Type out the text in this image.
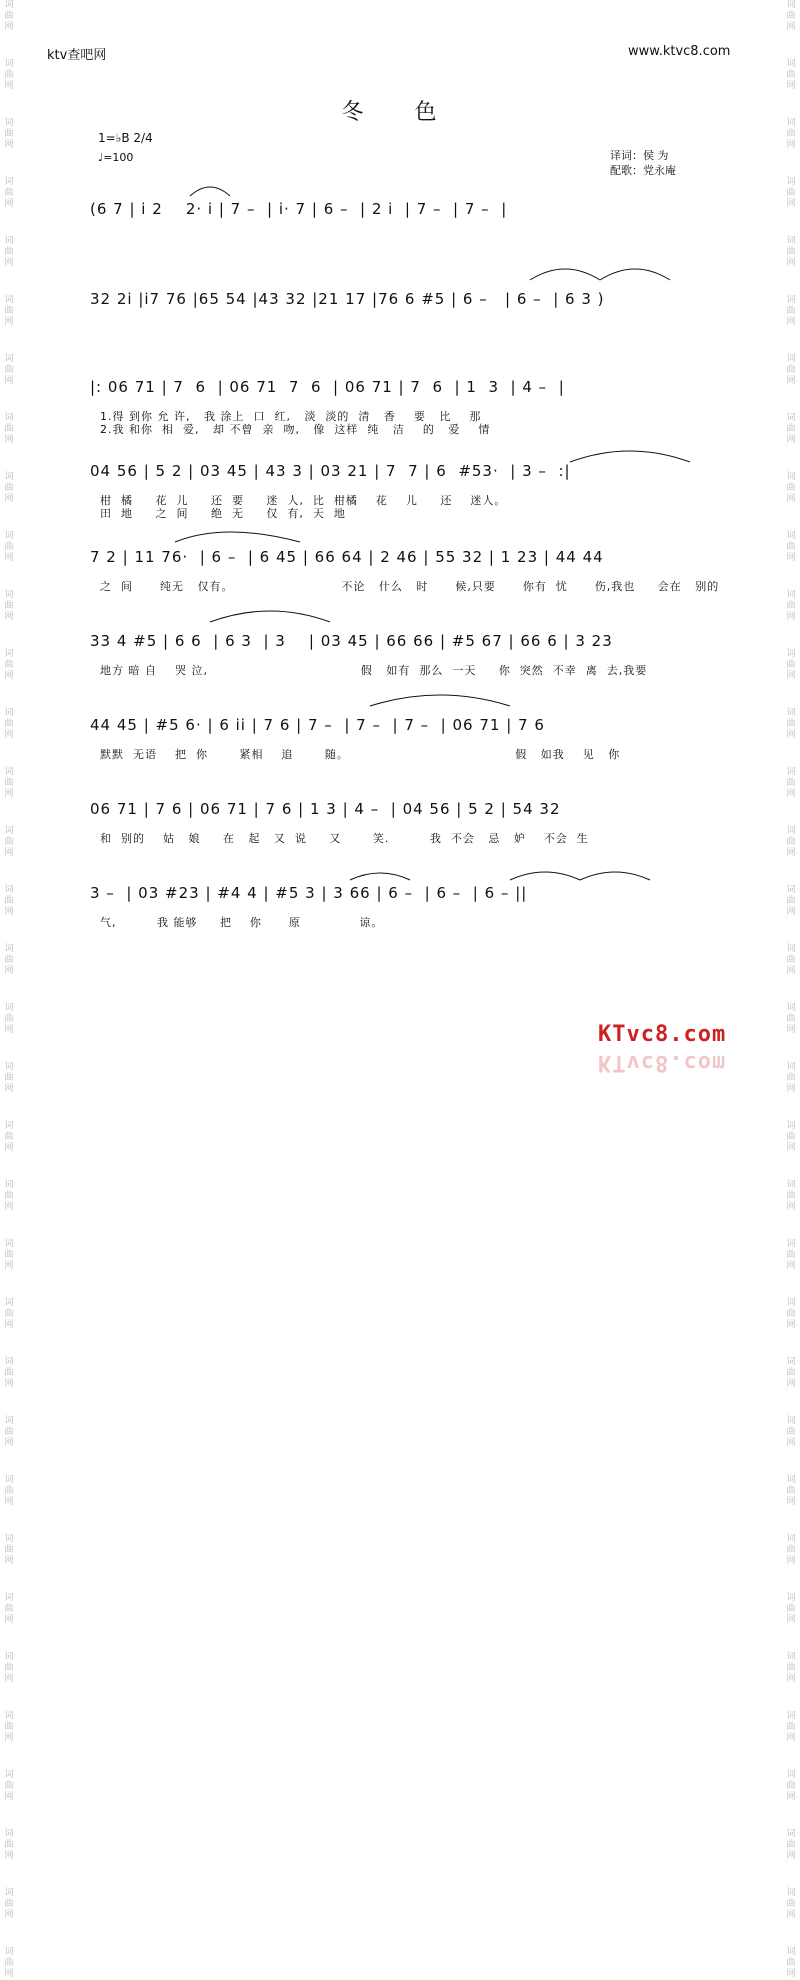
词
曲
网
词
曲
网
词
曲
网
词
曲
网
词
曲
网
词
曲
网
词
曲
网
词
曲
网
词
曲
网
词
曲
网
词
曲
网
词
曲
网
词
曲
网
词
曲
网
词
曲
网
词
曲
网
词
曲
网
词
曲
网
词
曲
网
词
曲
网
词
曲
网
词
曲
网
词
曲
网
词
曲
网
词
曲
网
词
曲
网
词
曲
网
词
曲
网
词
曲
网
词
曲
网
词
曲
网
词
曲
网
词
曲
网
词
曲
网
词
曲
网
词
曲
网
词
曲
网
词
曲
网
词
曲
网
词
曲
网
词
曲
网
词
曲
网
词
曲
网
词
曲
网
词
曲
网
词
曲
网
词
曲
网
词
曲
网
词
曲
网
词
曲
网
词
曲
网
词
曲
网
词
曲
网
词
曲
网
词
曲
网
词
曲
网
词
曲
网
词
曲
网
词
曲
网
词
曲
网
词
曲
网
词
曲
网
词
曲
网
词
曲
网
词
曲
网
词
曲
网
词
曲
网
词
曲
网
ktv查吧网	www.ktvc8.com
冬 色
1=♭B 2/4
♩=100	译词：侯 为
配歌：党永庵
(6 7 | i 2    2· i | 7 –  | i· 7 | 6 –  | 2 i  | 7 –  | 7 –  |
32 2i |i7 76 |65 54 |43 32 |21 17 |76 6 #5 | 6 –   | 6 –  | 6 3 )
|: 06 71 | 7  6  | 06 71  7  6  | 06 71 | 7  6  | 1  3  | 4 –  |
1.得 到你 允 许,   我 涂上  口  红,   淡  淡的  清   香    要   比    那
2.我 和你  相  爱,   却 不曾  亲  吻,   像  这样  纯   洁    的   爱    情
04 56 | 5 2 | 03 45 | 43 3 | 03 21 | 7  7 | 6  #53·  | 3 –  :|
柑  橘     花  儿     还  要     迷  人,  比  柑橘    花    儿     还    迷人。
田  地     之  间     绝  无     仅  有,  天  地
7 2 | 11 76·  | 6 –  | 6 45 | 66 64 | 2 46 | 55 32 | 1 23 | 44 44
之  间      纯无   仅有。                        不论   什么   时      候,只要      你有  忧      伤,我也     会在   别的
33 4 #5 | 6 6  | 6 3  | 3    | 03 45 | 66 66 | #5 67 | 66 6 | 3 23
地方 暗 自    哭 泣,                                  假   如有  那么  一天     你  突然  不幸  离  去,我要
44 45 | #5 6· | 6 ii | 7 6 | 7 –  | 7 –  | 7 –  | 06 71 | 7 6
默默  无语    把  你       紧相    追       随。                                     假   如我    见   你
06 71 | 7 6 | 06 71 | 7 6 | 1 3 | 4 –  | 04 56 | 5 2 | 54 32
和  别的    姑   娘     在   起   又  说     又       笑.         我  不会   忌   妒    不会  生
3 –  | 03 #23 | #4 4 | #5 3 | 3 66 | 6 –  | 6 –  | 6 – ||
气,         我 能够     把    你      原             谅。
KTvc8.com
KTvc8.com
